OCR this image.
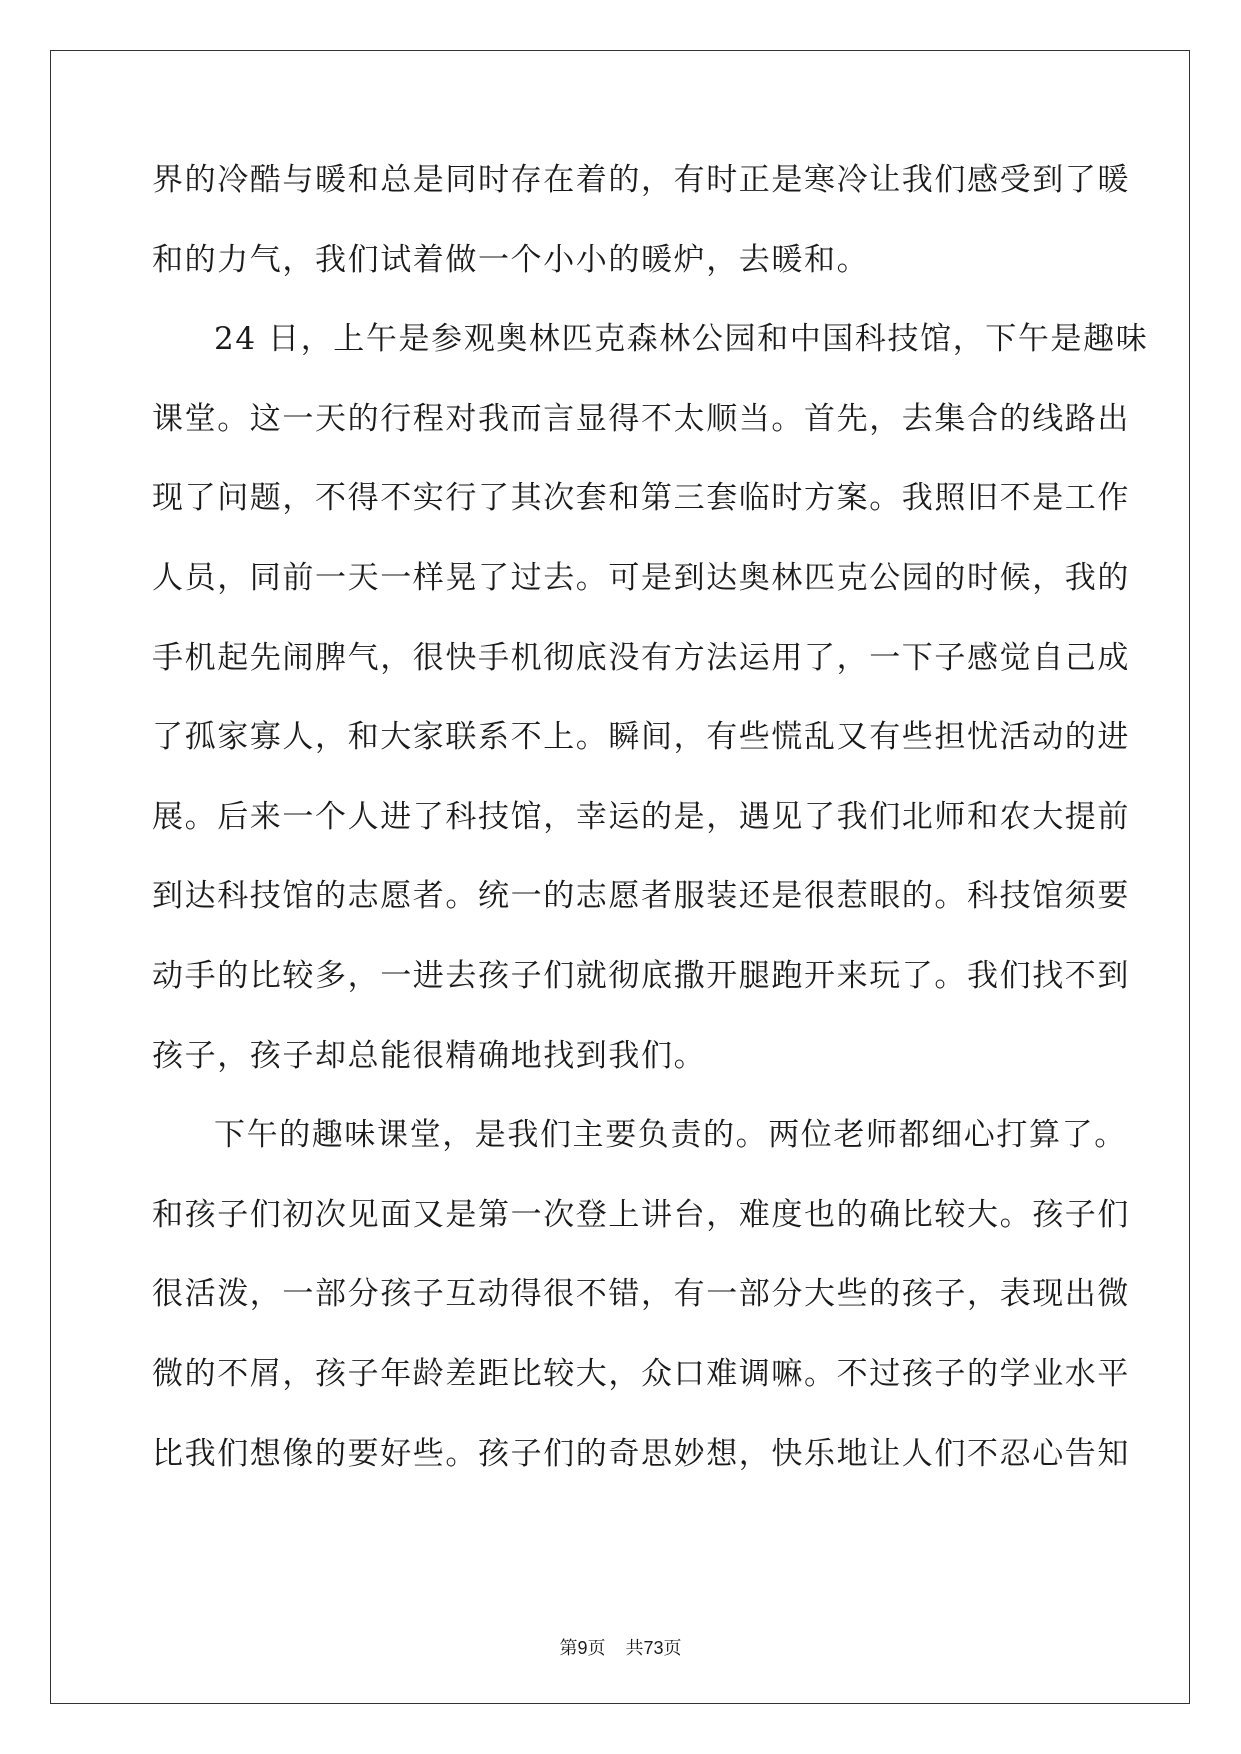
界的冷酷与暖和总是同时存在着的，有时正是寒冷让我们感受到了暖
和的力气，我们试着做一个小小的暖炉，去暖和。
24 日，上午是参观奥林匹克森林公园和中国科技馆，下午是趣味
课堂。这一天的行程对我而言显得不太顺当。首先，去集合的线路出
现了问题，不得不实行了其次套和第三套临时方案。我照旧不是工作
人员，同前一天一样晃了过去。可是到达奥林匹克公园的时候，我的
手机起先闹脾气，很快手机彻底没有方法运用了，一下子感觉自己成
了孤家寡人，和大家联系不上。瞬间，有些慌乱又有些担忧活动的进
展。后来一个人进了科技馆，幸运的是，遇见了我们北师和农大提前
到达科技馆的志愿者。统一的志愿者服装还是很惹眼的。科技馆须要
动手的比较多，一进去孩子们就彻底撒开腿跑开来玩了。我们找不到
孩子，孩子却总能很精确地找到我们。
下午的趣味课堂，是我们主要负责的。两位老师都细心打算了。
和孩子们初次见面又是第一次登上讲台，难度也的确比较大。孩子们
很活泼，一部分孩子互动得很不错，有一部分大些的孩子，表现出微
微的不屑，孩子年龄差距比较大，众口难调嘛。不过孩子的学业水平
比我们想像的要好些。孩子们的奇思妙想，快乐地让人们不忍心告知
第9页 共73页
